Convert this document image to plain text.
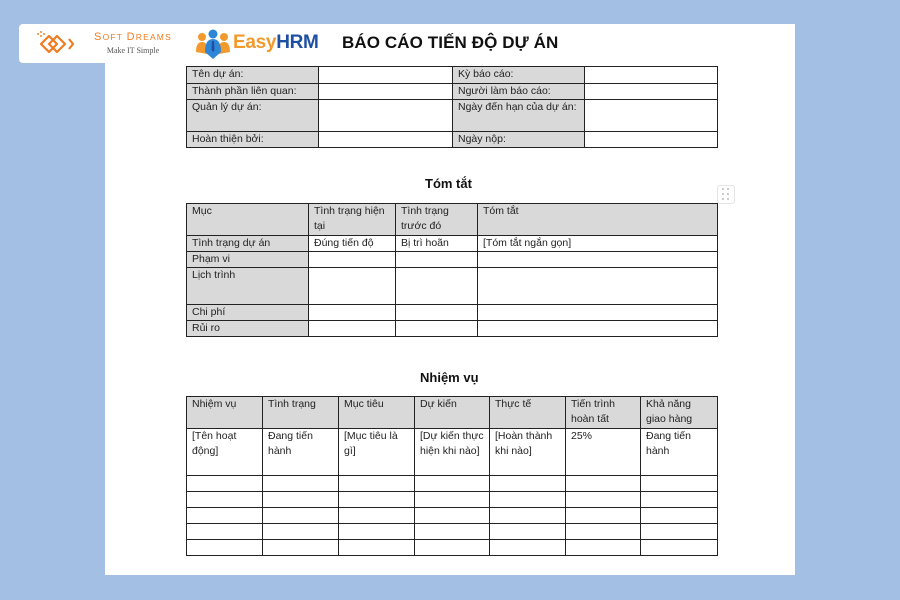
SOFT DREAMS
Make IT Simple	EasyHRM BÁO CÁO TIẾN ĐỘ DỰ ÁN
Tên dự án:		Kỳ báo cáo:	
Thành phần liên quan:		Người làm báo cáo:	
Quản lý dự án:		Ngày đến hạn của dự án:	
Hoàn thiện bởi:		Ngày nộp:	
Tóm tắt
Mục	Tình trạng hiện tại	Tình trạng trước đó	Tóm tắt
Tình trạng dự án	Đúng tiến độ	Bị trì hoãn	[Tóm tắt ngắn gọn]
Phạm vi			
Lịch trình			
Chi phí			
Rủi ro			
Nhiệm vụ
Nhiệm vụ	Tình trạng	Mục tiêu	Dự kiến	Thực tế	Tiến trình hoàn tất	Khả năng giao hàng
[Tên hoạt động]	Đang tiến hành	[Mục tiêu là gì]	[Dự kiến thực hiện khi nào]	[Hoàn thành khi nào]	25%	Đang tiến hành
